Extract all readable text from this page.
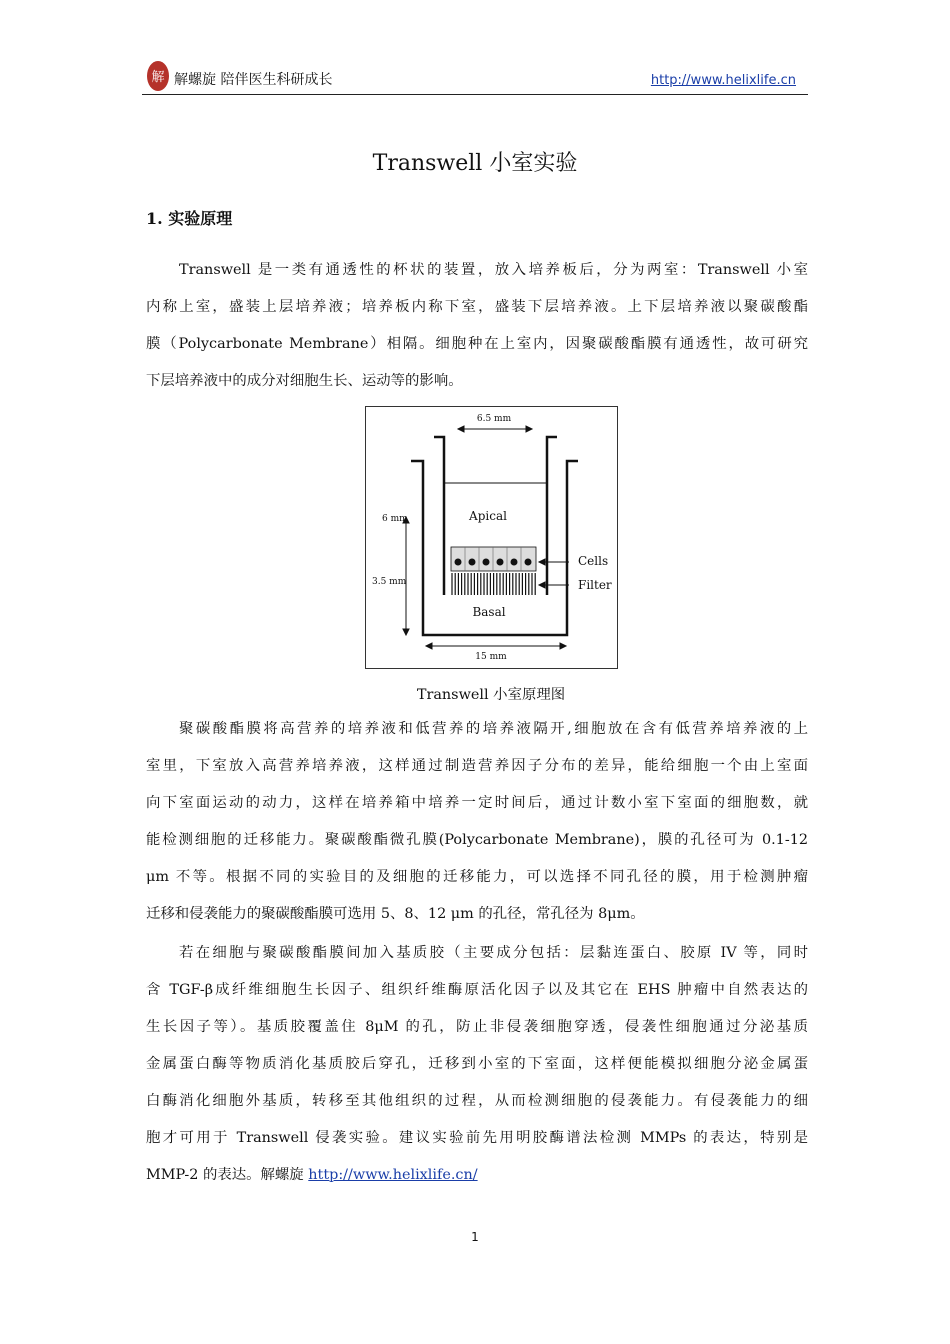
解 解螺旋 陪伴医生科研成长	http://www.helixlife.cn
Transwell 小室实验
1. 实验原理

Transwell 是一类有通透性的杯状的装置，放入培养板后，分为两室：Transwell 小室
内称上室，盛装上层培养液；培养板内称下室，盛装下层培养液。上下层培养液以聚碳酸酯
膜（Polycarbonate Membrane）相隔。细胞种在上室内，因聚碳酸酯膜有通透性，故可研究
下层培养液中的成分对细胞生长、运动等的影响。

6.5 mm
6 mm
3.5 mm
15 mm
Apical
Basal
Cells
Filter
Transwell 小室原理图

聚碳酸酯膜将高营养的培养液和低营养的培养液隔开,细胞放在含有低营养培养液的上
室里，下室放入高营养培养液，这样通过制造营养因子分布的差异，能给细胞一个由上室面
向下室面运动的动力，这样在培养箱中培养一定时间后，通过计数小室下室面的细胞数，就
能检测细胞的迁移能力。聚碳酸酯微孔膜(Polycarbonate Membrane)，膜的孔径可为 0.1-12
μm 不等。根据不同的实验目的及细胞的迁移能力，可以选择不同孔径的膜，用于检测肿瘤
迁移和侵袭能力的聚碳酸酯膜可选用 5、8、12 μm 的孔径，常孔径为 8μm。

若在细胞与聚碳酸酯膜间加入基质胶（主要成分包括：层黏连蛋白、胶原 IV 等，同时
含 TGF-β成纤维细胞生长因子、组织纤维酶原活化因子以及其它在 EHS 肿瘤中自然表达的
生长因子等）。基质胶覆盖住 8μM 的孔，防止非侵袭细胞穿透，侵袭性细胞通过分泌基质
金属蛋白酶等物质消化基质胶后穿孔，迁移到小室的下室面，这样便能模拟细胞分泌金属蛋
白酶消化细胞外基质，转移至其他组织的过程，从而检测细胞的侵袭能力。有侵袭能力的细
胞才可用于 Transwell 侵袭实验。建议实验前先用明胶酶谱法检测 MMPs 的表达，特别是
MMP-2 的表达。解螺旋 http://www.helixlife.cn/

1
